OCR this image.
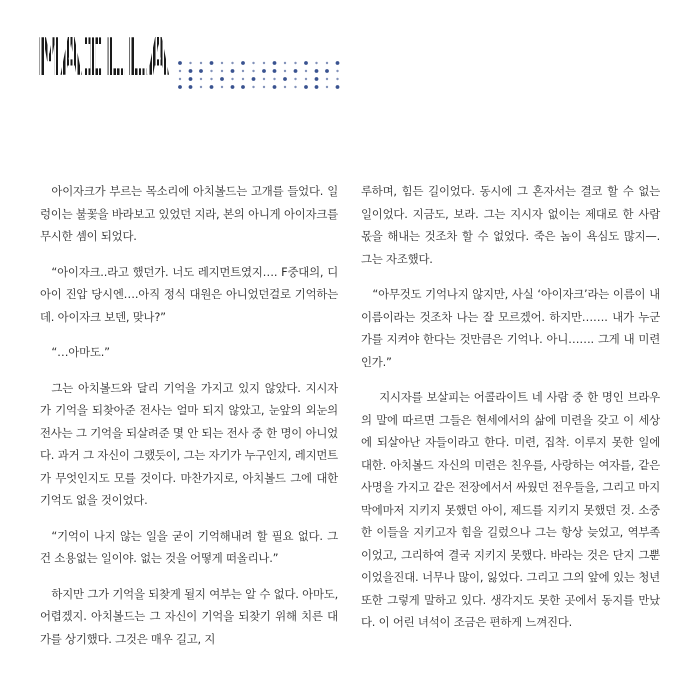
MAILLA

아이자크가 부르는 목소리에 아치볼드는 고개를 들었다. 일렁이는 불꽃을 바라보고 있었던 지라, 본의 아니게 아이자크를 무시한 셈이 되었다.

“아이자크..라고 했던가. 너도 레지먼트였지…. F중대의, 디 아이 진압 당시엔….아직 정식 대원은 아니었던걸로 기억하는데. 아이자크 보덴, 맞나?”

“…아마도.”

그는 아치볼드와 달리 기억을 가지고 있지 않았다. 지시자가 기억을 되찾아준 전사는 얼마 되지 않았고, 눈앞의 외눈의 전사는 그 기억을 되살려준 몇 안 되는 전사 중 한 명이 아니었다. 과거 그 자신이 그랬듯이, 그는 자기가 누구인지, 레지먼트가 무엇인지도 모를 것이다. 마찬가지로, 아치볼드 그에 대한 기억도 없을 것이었다.

“기억이 나지 않는 일을 굳이 기억해내려 할 필요 없다. 그건 소용없는 일이야. 없는 것을 어떻게 떠올리나.”

하지만 그가 기억을 되찾게 될지 여부는 알 수 없다. 아마도, 어렵겠지. 아치볼드는 그 자신이 기억을 되찾기 위해 치른 대가를 상기했다. 그것은 매우 길고, 지

루하며, 힘든 길이었다. 동시에 그 혼자서는 결코 할 수 없는 일이었다. 지금도, 보라. 그는 지시자 없이는 제대로 한 사람 몫을 해내는 것조차 할 수 없었다. 죽은 놈이 욕심도 많지—. 그는 자조했다.

“아무것도 기억나지 않지만, 사실 ‘아이자크’라는 이름이 내 이름이라는 것조차 나는 잘 모르겠어. 하지만……. 내가 누군가를 지켜야 한다는 것만큼은 기억나. 아니……. 그게 내 미련인가.”

지시자를 보살피는 어콜라이트 네 사람 중 한 명인 브라우의 말에 따르면 그들은 현세에서의 삶에 미련을 갖고 이 세상에 되살아난 자들이라고 한다. 미련, 집착. 이루지 못한 일에 대한. 아치볼드 자신의 미련은 친우를, 사랑하는 여자를, 같은 사명을 가지고 같은 전장에서서 싸웠던 전우들을, 그리고 마지막에마저 지키지 못했던 아이, 제드를 지키지 못했던 것. 소중한 이들을 지키고자 힘을 길렀으나 그는 항상 늦었고, 역부족이었고, 그리하여 결국 지키지 못했다. 바라는 것은 단지 그뿐이었을진대. 너무나 많이, 잃었다. 그리고 그의 앞에 있는 청년 또한 그렇게 말하고 있다. 생각지도 못한 곳에서 동지를 만났다. 이 어린 녀석이 조금은 편하게 느껴진다.
